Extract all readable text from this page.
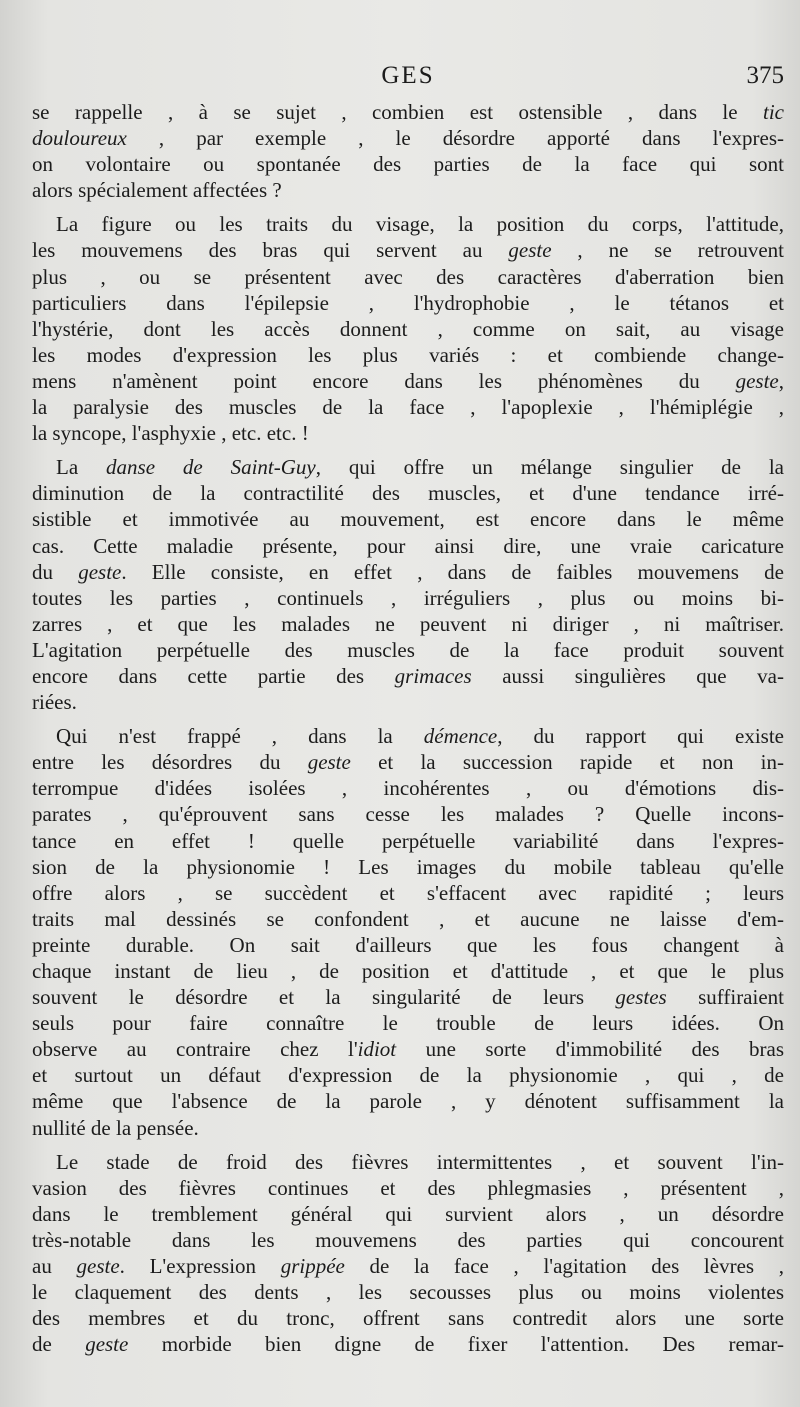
GES	375

se rappelle , à se sujet , combien est ostensible , dans le tic
douloureux , par exemple , le désordre apporté dans l'expres-
on volontaire ou spontanée des parties de la face qui sont
alors spécialement affectées ?

La figure ou les traits du visage, la position du corps, l'attitude,
les mouvemens des bras qui servent au geste , ne se retrouvent
plus , ou se présentent avec des caractères d'aberration bien
particuliers dans l'épilepsie , l'hydrophobie , le tétanos et
l'hystérie, dont les accès donnent , comme on sait, au visage
les modes d'expression les plus variés : et combiende change-
mens n'amènent point encore dans les phénomènes du geste,
la paralysie des muscles de la face , l'apoplexie , l'hémiplégie ,
la syncope, l'asphyxie , etc. etc. !

La danse de Saint-Guy, qui offre un mélange singulier de la
diminution de la contractilité des muscles, et d'une tendance irré-
sistible et immotivée au mouvement, est encore dans le même
cas. Cette maladie présente, pour ainsi dire, une vraie caricature
du geste. Elle consiste, en effet , dans de faibles mouvemens de
toutes les parties , continuels , irréguliers , plus ou moins bi-
zarres , et que les malades ne peuvent ni diriger , ni maîtriser.
L'agitation perpétuelle des muscles de la face produit souvent
encore dans cette partie des grimaces aussi singulières que va-
riées.

Qui n'est frappé , dans la démence, du rapport qui existe
entre les désordres du geste et la succession rapide et non in-
terrompue d'idées isolées , incohérentes , ou d'émotions dis-
parates , qu'éprouvent sans cesse les malades ? Quelle incons-
tance en effet ! quelle perpétuelle variabilité dans l'expres-
sion de la physionomie ! Les images du mobile tableau qu'elle
offre alors , se succèdent et s'effacent avec rapidité ; leurs
traits mal dessinés se confondent , et aucune ne laisse d'em-
preinte durable. On sait d'ailleurs que les fous changent à
chaque instant de lieu , de position et d'attitude , et que le plus
souvent le désordre et la singularité de leurs gestes suffiraient
seuls pour faire connaître le trouble de leurs idées. On
observe au contraire chez l'idiot une sorte d'immobilité des bras
et surtout un défaut d'expression de la physionomie , qui , de
même que l'absence de la parole , y dénotent suffisamment la
nullité de la pensée.

Le stade de froid des fièvres intermittentes , et souvent l'in-
vasion des fièvres continues et des phlegmasies , présentent ,
dans le tremblement général qui survient alors , un désordre
très-notable dans les mouvemens des parties qui concourent
au geste. L'expression grippée de la face , l'agitation des lèvres ,
le claquement des dents , les secousses plus ou moins violentes
des membres et du tronc, offrent sans contredit alors une sorte
de geste morbide bien digne de fixer l'attention. Des remar-
